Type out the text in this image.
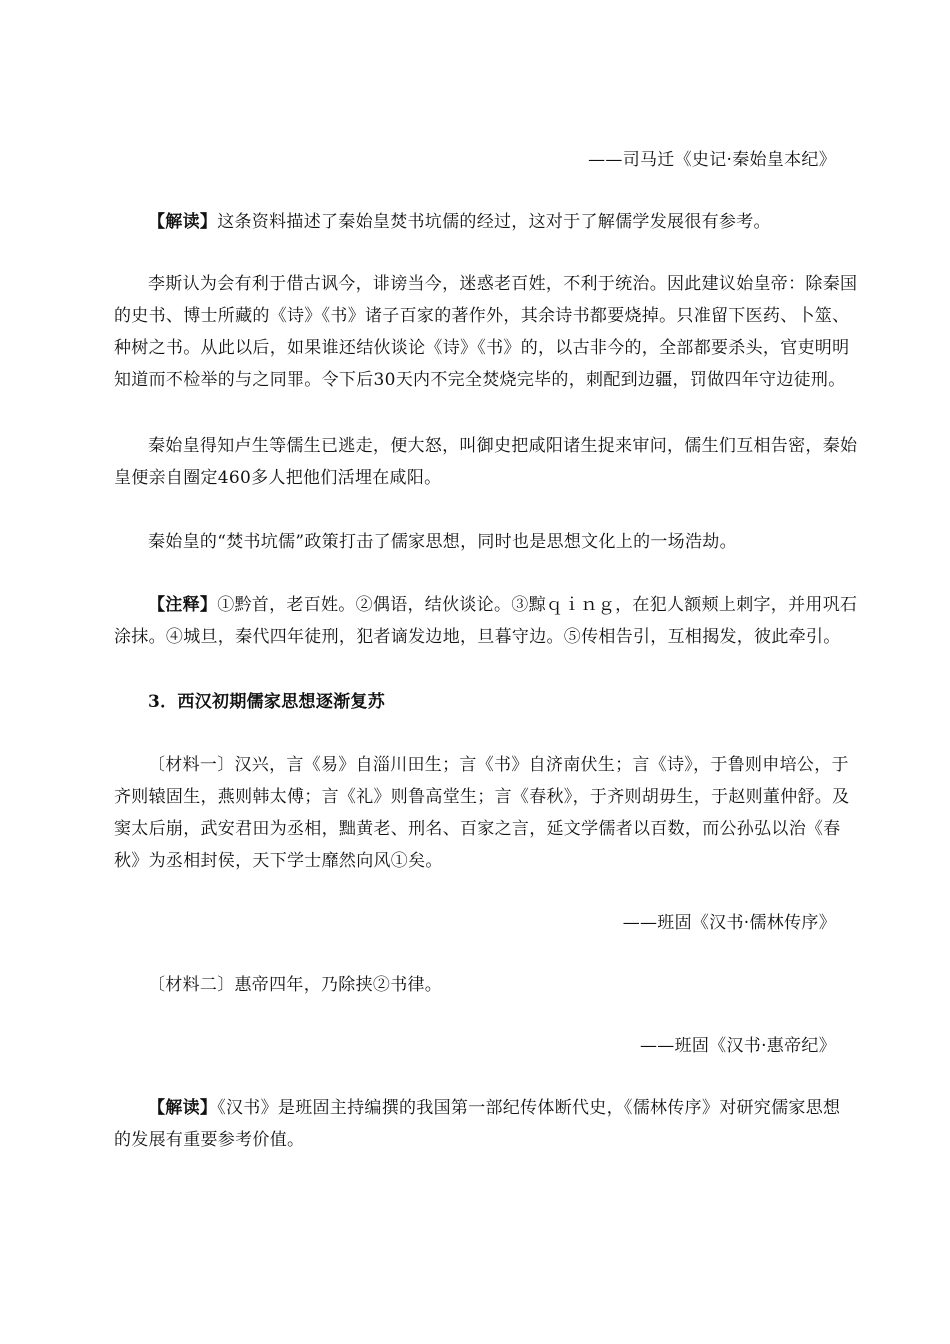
——司马迁《史记·秦始皇本纪》
【解读】这条资料描述了秦始皇焚书坑儒的经过，这对于了解儒学发展很有参考。
李斯认为会有利于借古讽今，诽谤当今，迷惑老百姓，不利于统治。因此建议始皇帝：除秦国
的史书、博士所藏的《诗》《书》诸子百家的著作外，其余诗书都要烧掉。只准留下医药、卜筮、
种树之书。从此以后，如果谁还结伙谈论《诗》《书》的，以古非今的，全部都要杀头，官吏明明
知道而不检举的与之同罪。令下后30天内不完全焚烧完毕的，刺配到边疆，罚做四年守边徒刑。
秦始皇得知卢生等儒生已逃走，便大怒，叫御史把咸阳诸生捉来审问，儒生们互相告密，秦始
皇便亲自圈定460多人把他们活埋在咸阳。
秦始皇的“焚书坑儒”政策打击了儒家思想，同时也是思想文化上的一场浩劫。
【注释】①黔首，老百姓。②偶语，结伙谈论。③黥ｑｉｎｇ，在犯人额颊上刺字，并用巩石
涂抹。④城旦，秦代四年徒刑，犯者谪发边地，旦暮守边。⑤传相告引，互相揭发，彼此牵引。
3．西汉初期儒家思想逐渐复苏
〔材料一〕汉兴，言《易》自淄川田生；言《书》自济南伏生；言《诗》，于鲁则申培公，于
齐则辕固生，燕则韩太傅；言《礼》则鲁高堂生；言《春秋》，于齐则胡毋生，于赵则董仲舒。及
窦太后崩，武安君田为丞相，黜黄老、刑名、百家之言，延文学儒者以百数，而公孙弘以治《春
秋》为丞相封侯，天下学士靡然向风①矣。
——班固《汉书·儒林传序》
〔材料二〕惠帝四年，乃除挟②书律。
——班固《汉书·惠帝纪》
【解读】《汉书》是班固主持编撰的我国第一部纪传体断代史，《儒林传序》对研究儒家思想
的发展有重要参考价值。
